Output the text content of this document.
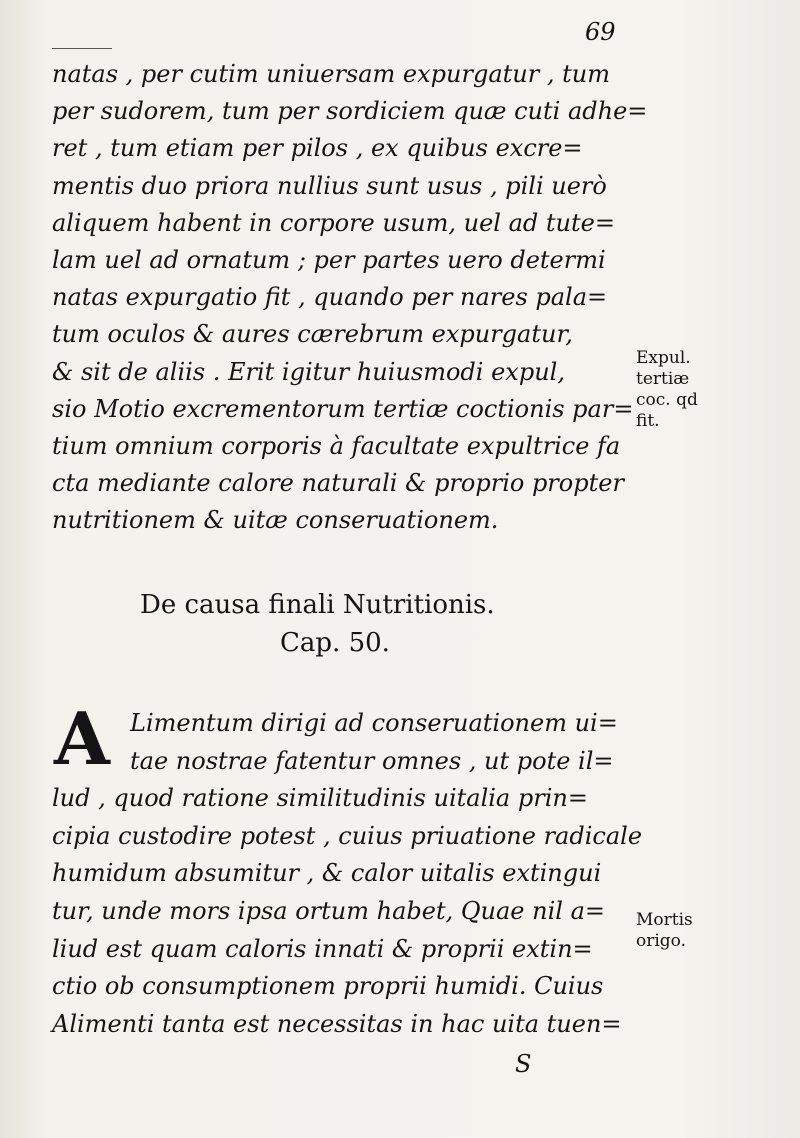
69
natas , per cutim uniuersam expurgatur , tum
per sudorem, tum per sordiciem quæ cuti adhe=
ret , tum etiam per pilos , ex quibus excre=
mentis duo priora nullius sunt usus , pili uerò
aliquem habent in corpore usum, uel ad tute=
lam uel ad ornatum ; per partes uero determi
natas expurgatio fit , quando per nares pala=
tum oculos & aures cærebrum expurgatur,
& sit de aliis . Erit igitur huiusmodi expul,
sio Motio excrementorum tertiæ coctionis par=
tium omnium corporis à facultate expultrice fa
cta mediante calore naturali & proprio propter
nutritionem & uitæ conseruationem.
Expul.
tertiæ
coc. qd
fit.
De causa finali Nutritionis.
Cap. 50.
A Limentum dirigi ad conseruationem ui=
tae nostrae fatentur omnes , ut pote il=
lud , quod ratione similitudinis uitalia prin=
cipia custodire potest , cuius priuatione radicale
humidum absumitur , & calor uitalis extingui
tur, unde mors ipsa ortum habet, Quae nil a=
liud est quam caloris innati & proprii extin=
ctio ob consumptionem proprii humidi. Cuius
Alimenti tanta est necessitas in hac uita tuen=
Mortis
origo.
S
